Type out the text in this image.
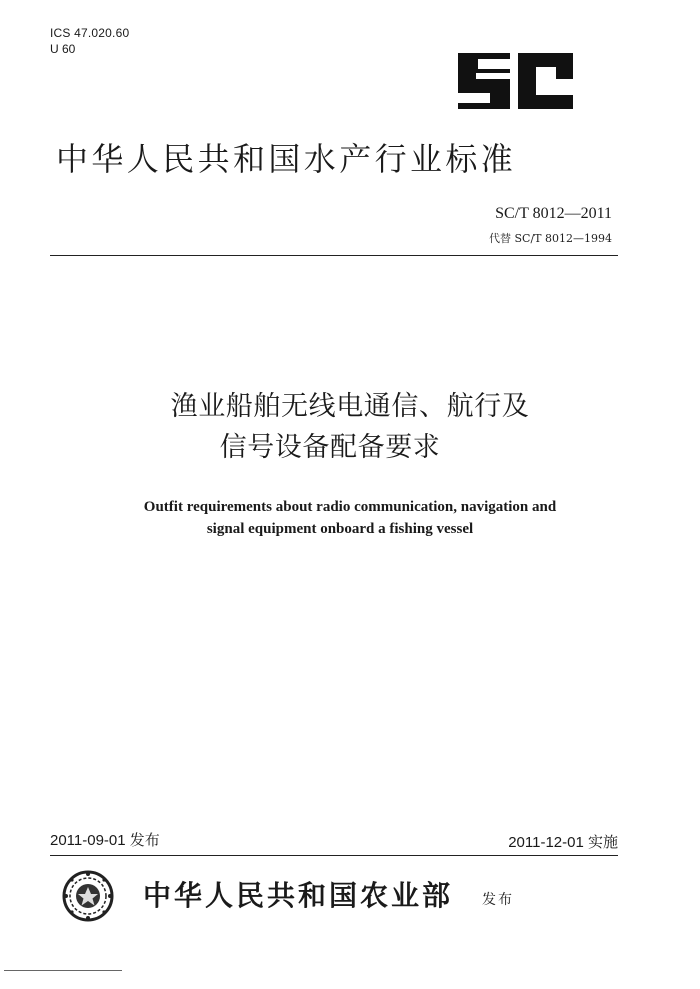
ICS 47.020.60
U 60
中华人民共和国水产行业标准
SC/T 8012—2011
代替 SC/T 8012—1994
渔业船舶无线电通信、航行及
信号设备配备要求
Outfit requirements about radio communication, navigation and
signal equipment onboard a fishing vessel
2011-09-01 发布	2011-12-01 实施
中华人民共和国农业部 发布
